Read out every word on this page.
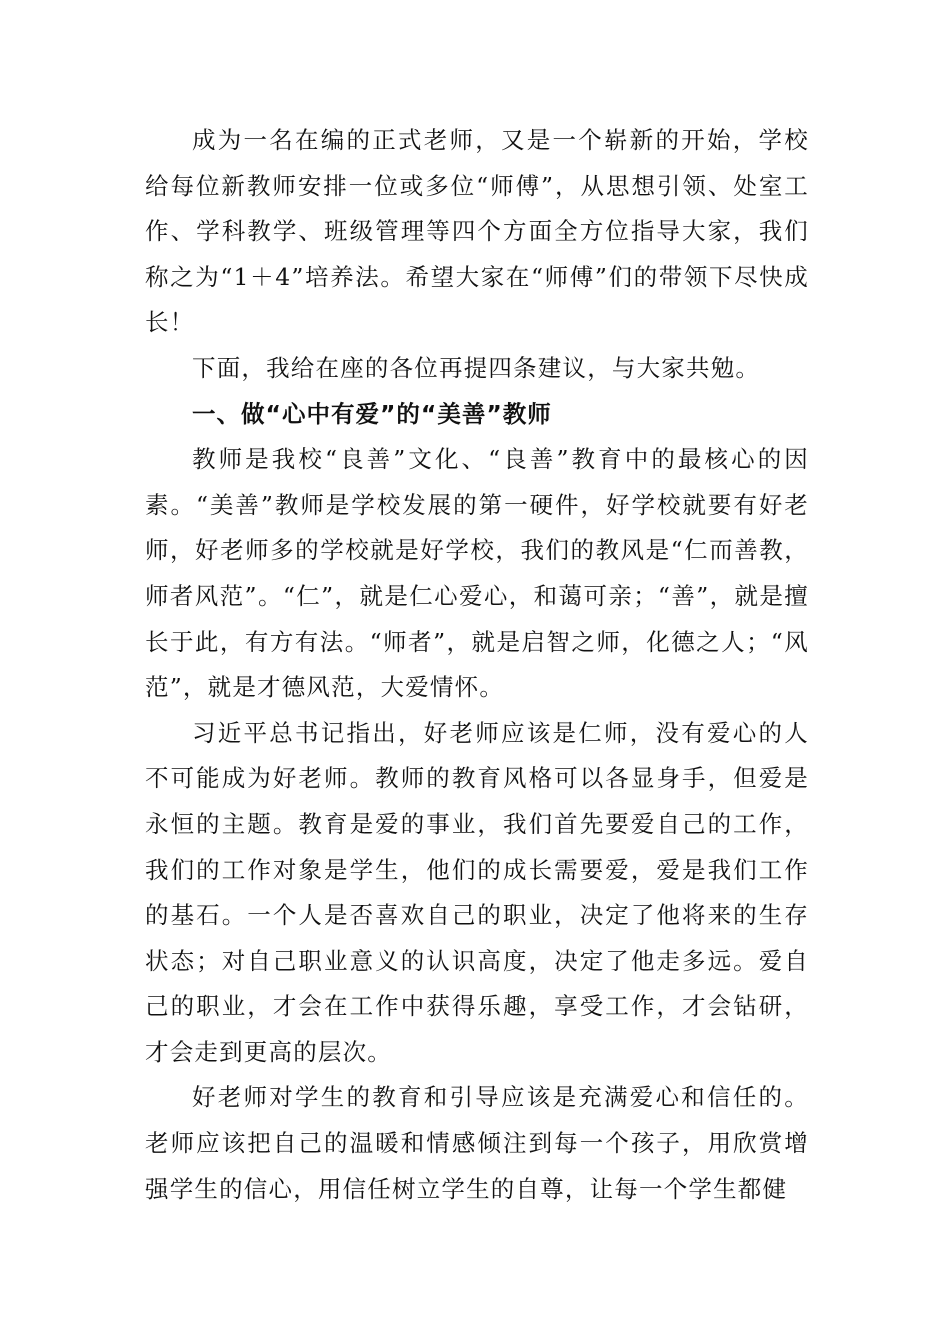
成为一名在编的正式老师，又是一个崭新的开始，学校给每位新教师安排一位或多位“师傅”，从思想引领、处室工作、学科教学、班级管理等四个方面全方位指导大家，我们称之为“1＋4”培养法。希望大家在“师傅”们的带领下尽快成长！

下面，我给在座的各位再提四条建议，与大家共勉。

一、做“心中有爱”的“美善”教师

教师是我校“良善”文化、“良善”教育中的最核心的因素。“美善”教师是学校发展的第一硬件，好学校就要有好老师，好老师多的学校就是好学校，我们的教风是“仁而善教，师者风范”。“仁”，就是仁心爱心，和蔼可亲；“善”，就是擅长于此，有方有法。“师者”，就是启智之师，化德之人；“风范”，就是才德风范，大爱情怀。

习近平总书记指出，好老师应该是仁师，没有爱心的人不可能成为好老师。教师的教育风格可以各显身手，但爱是永恒的主题。教育是爱的事业，我们首先要爱自己的工作，我们的工作对象是学生，他们的成长需要爱，爱是我们工作的基石。一个人是否喜欢自己的职业，决定了他将来的生存状态；对自己职业意义的认识高度，决定了他走多远。爱自己的职业，才会在工作中获得乐趣，享受工作，才会钻研，才会走到更高的层次。

好老师对学生的教育和引导应该是充满爱心和信任的。老师应该把自己的温暖和情感倾注到每一个孩子，用欣赏增强学生的信心，用信任树立学生的自尊，让每一个学生都健
